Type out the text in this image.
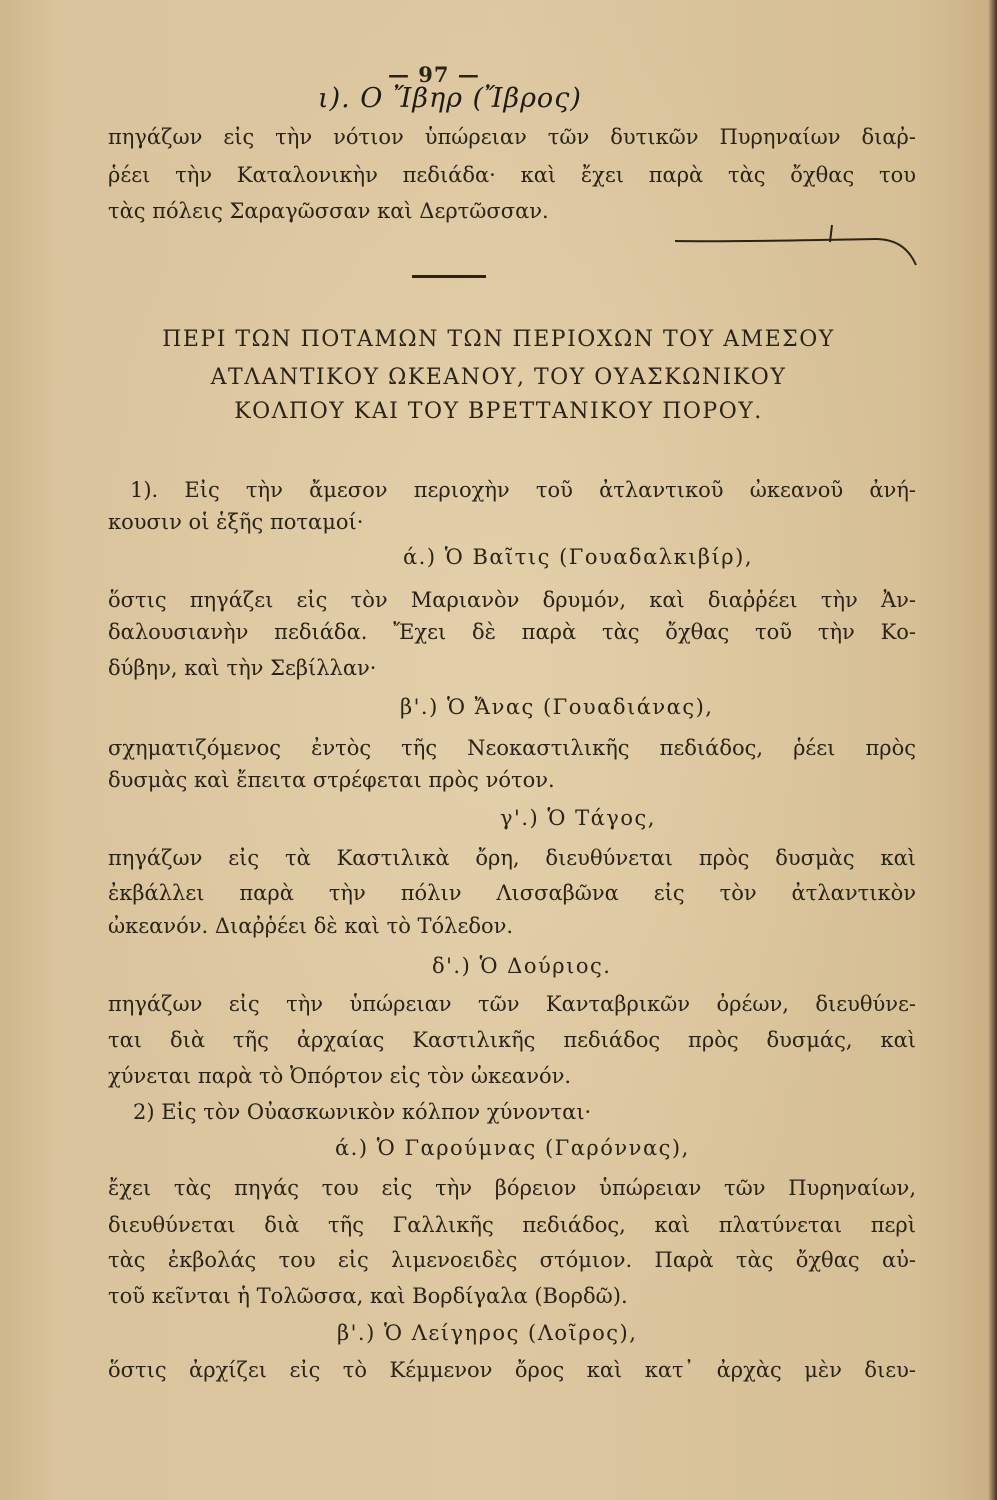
— 97 —
ι). Ο Ἴβηρ (Ἴβρος)
πηγάζων εἰς τὴν νότιον ὑπώρειαν τῶν δυτικῶν Πυρηναίων διαῤ-
ῥέει τὴν Καταλονικὴν πεδιάδα· καὶ ἔχει παρὰ τὰς ὄχθας του
τὰς πόλεις Σαραγῶσσαν καὶ Δερτῶσσαν.
ΠΕΡΙ ΤΩΝ ΠΟΤΑΜΩΝ ΤΩΝ ΠΕΡΙΟΧΩΝ ΤΟΥ ΑΜΕΣΟΥ
ΑΤΛΑΝΤΙΚΟΥ ΩΚΕΑΝΟΥ, ΤΟΥ ΟΥΑΣΚΩΝΙΚΟΥ
ΚΟΛΠΟΥ ΚΑΙ ΤΟΥ ΒΡΕΤΤΑΝΙΚΟΥ ΠΟΡΟΥ.
1). Εἰς τὴν ἄμεσον περιοχὴν τοῦ ἀτλαντικοῦ ὠκεανοῦ ἀνή-
κουσιν οἱ ἑξῆς ποταμοί·
ά.) Ὁ Βαῖτις (Γουαδαλκιβίρ),
ὅστις πηγάζει εἰς τὸν Μαριανὸν δρυμόν, καὶ διαῤῥέει τὴν Ἀν-
δαλουσιανὴν πεδιάδα. Ἔχει δὲ παρὰ τὰς ὄχθας τοῦ τὴν Κο-
δύβην, καὶ τὴν Σεβίλλαν·
β'.) Ὁ Ἄνας (Γουαδιάνας),
σχηματιζόμενος ἐντὸς τῆς Νεοκαστιλικῆς πεδιάδος, ῥέει πρὸς
δυσμὰς καὶ ἔπειτα στρέφεται πρὸς νότον.
γ'.) Ὁ Τάγος,
πηγάζων εἰς τὰ Καστιλικὰ ὄρη, διευθύνεται πρὸς δυσμὰς καὶ
ἐκβάλλει παρὰ τὴν πόλιν Λισσαβῶνα εἰς τὸν ἀτλαντικὸν
ὠκεανόν. Διαῤῥέει δὲ καὶ τὸ Τόλεδον.
δ'.) Ὁ Δούριος.
πηγάζων εἰς τὴν ὑπώρειαν τῶν Κανταβρικῶν ὀρέων, διευθύνε-
ται διὰ τῆς ἀρχαίας Καστιλικῆς πεδιάδος πρὸς δυσμάς, καὶ
χύνεται παρὰ τὸ Ὀπόρτον εἰς τὸν ὠκεανόν.
2) Εἰς τὸν Οὐασκωνικὸν κόλπον χύνονται·
ά.) Ὁ Γαρούμνας (Γαρόννας),
ἔχει τὰς πηγάς του εἰς τὴν βόρειον ὑπώρειαν τῶν Πυρηναίων,
διευθύνεται διὰ τῆς Γαλλικῆς πεδιάδος, καὶ πλατύνεται περὶ
τὰς ἐκβολάς του εἰς λιμενοειδὲς στόμιον. Παρὰ τὰς ὄχθας αὐ-
τοῦ κεῖνται ἡ Τολῶσσα, καὶ Βορδίγαλα (Βορδῶ).
β'.) Ὁ Λείγηρος (Λοῖρος),
ὅστις ἀρχίζει εἰς τὸ Κέμμενον ὄρος καὶ κατ᾽ ἀρχὰς μὲν διευ-
